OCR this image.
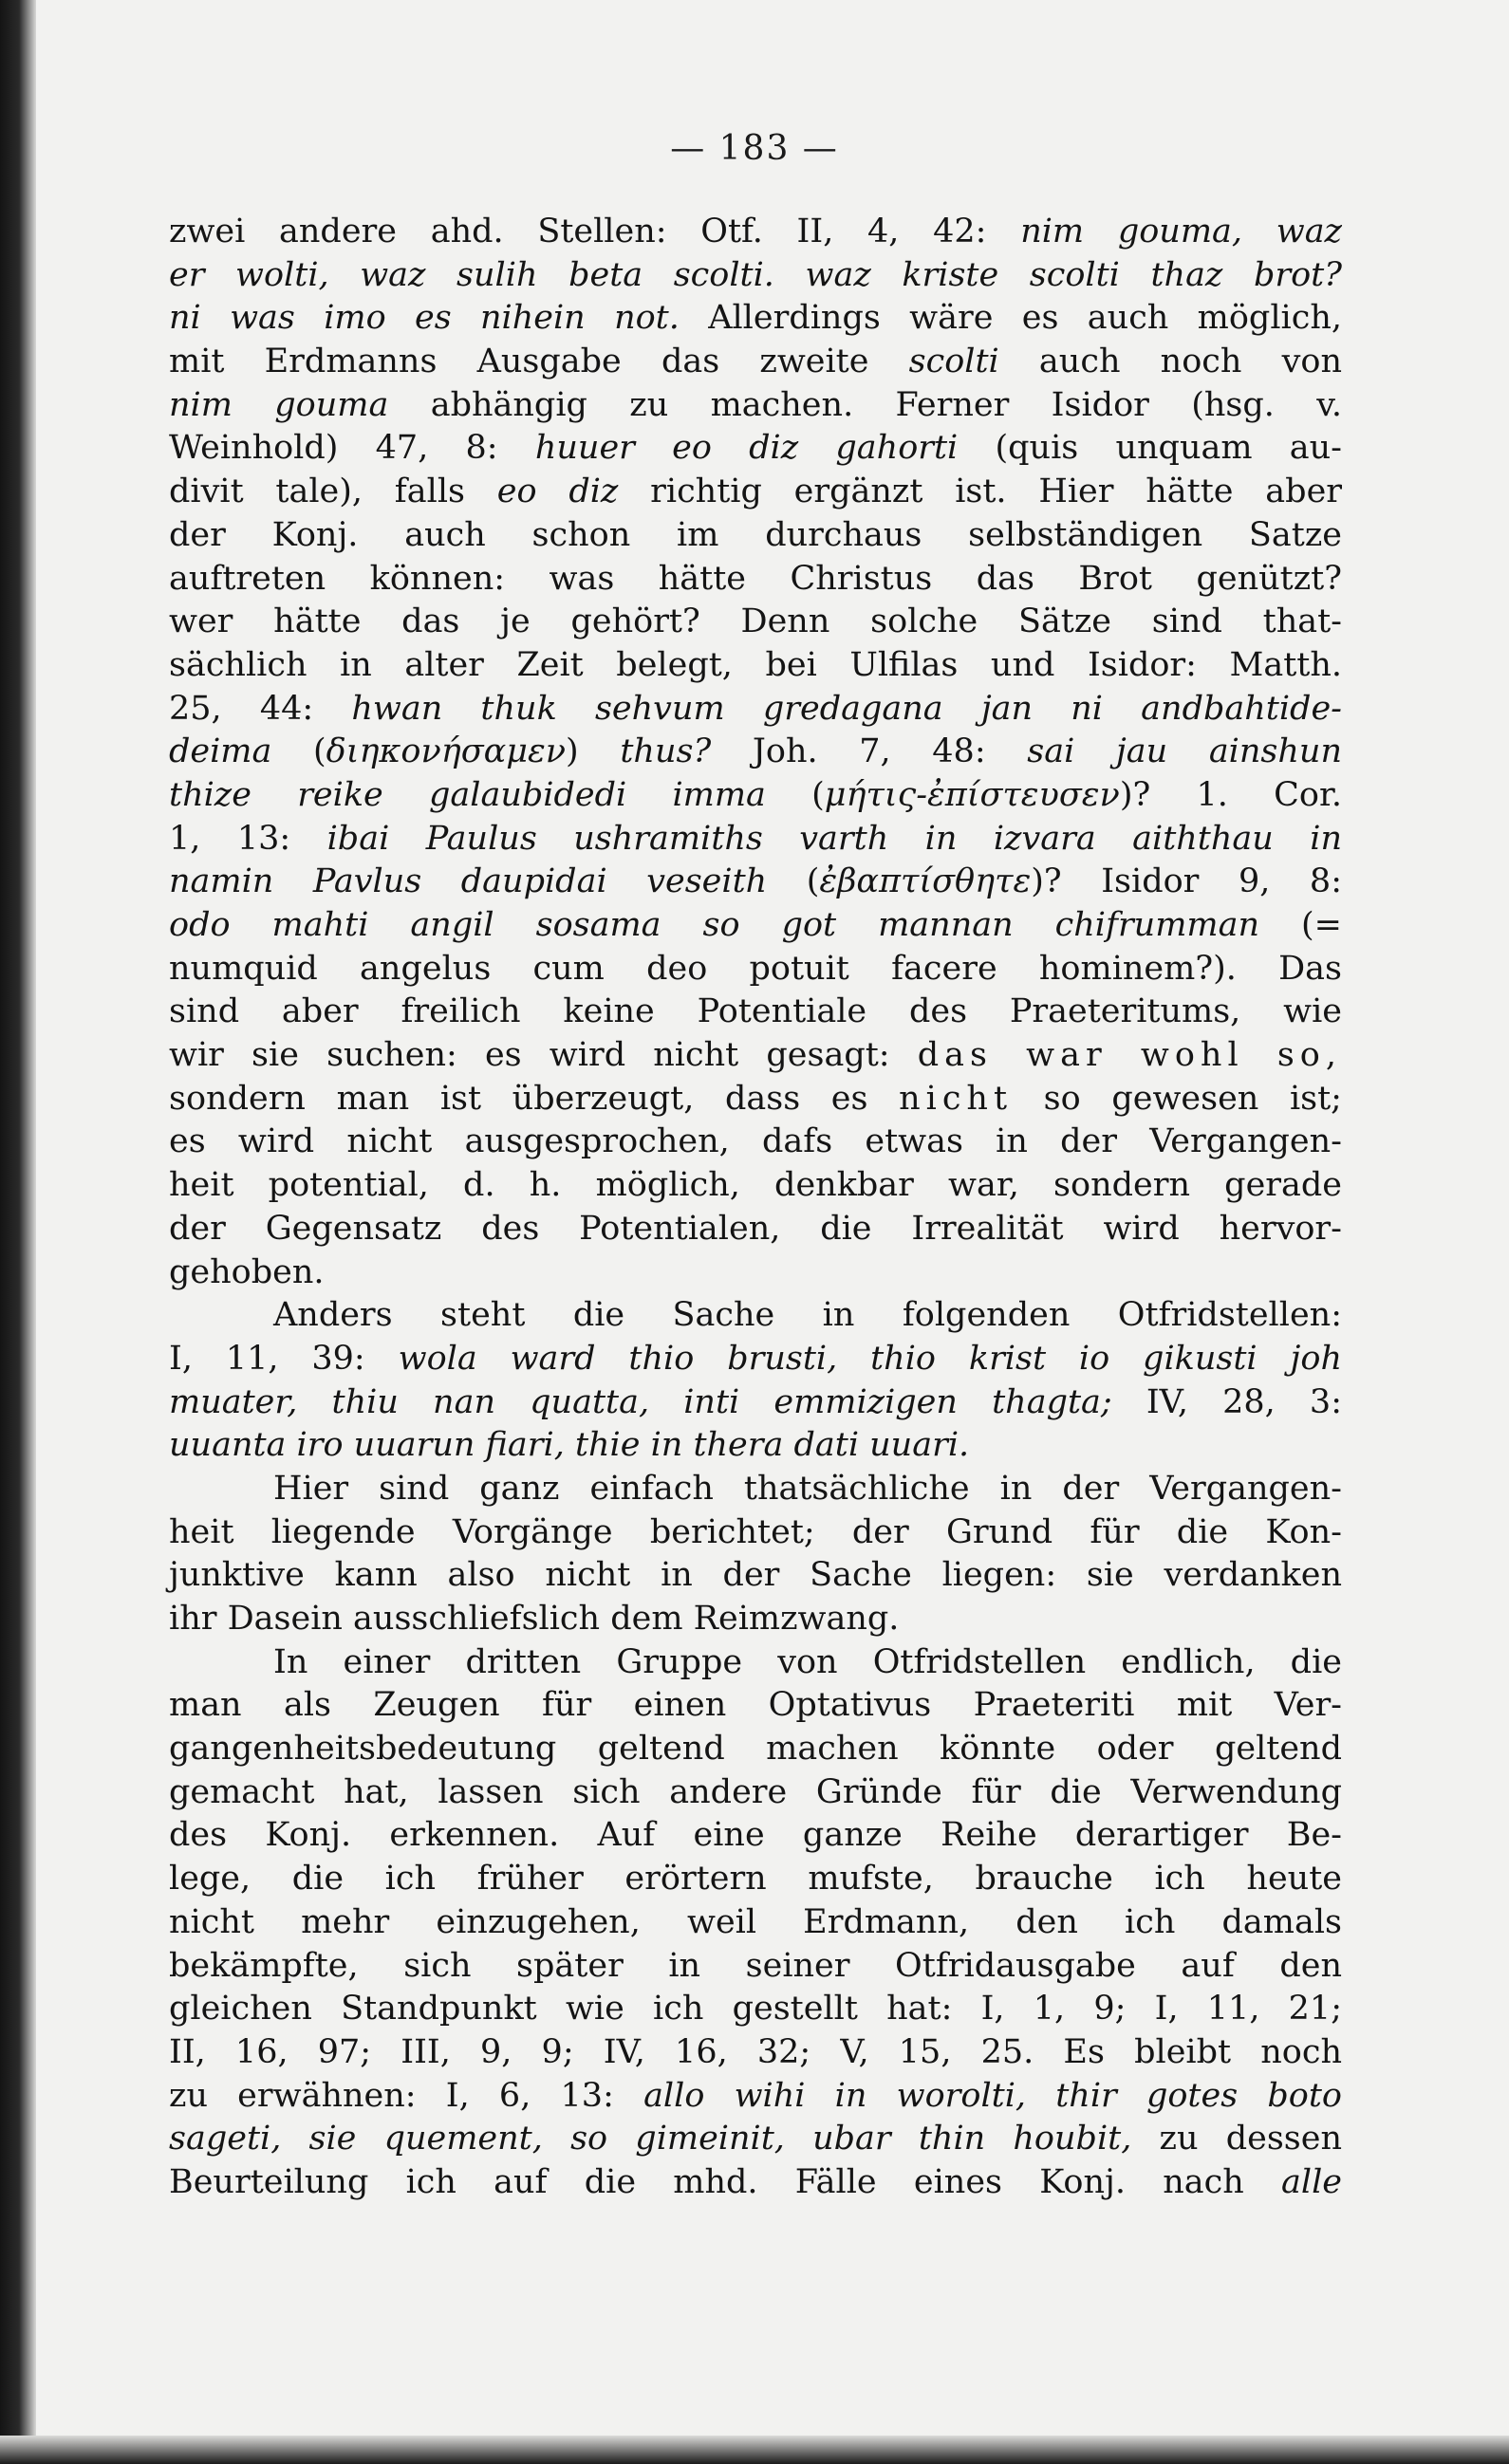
— 183 —
zwei andere ahd. Stellen: Otf. II, 4, 42: nim gouma, waz
er wolti, waz sulih beta scolti. waz kriste scolti thaz brot?
ni was imo es nihein not. Allerdings wäre es auch möglich,
mit Erdmanns Ausgabe das zweite scolti auch noch von
nim gouma abhängig zu machen. Ferner Isidor (hsg. v.
Weinhold) 47, 8: huuer eo diz gahorti (quis unquam au-
divit tale), falls eo diz richtig ergänzt ist. Hier hätte aber
der Konj. auch schon im durchaus selbständigen Satze
auftreten können: was hätte Christus das Brot genützt?
wer hätte das je gehört? Denn solche Sätze sind that-
sächlich in alter Zeit belegt, bei Ulfilas und Isidor: Matth.
25, 44: hwan thuk sehvum gredagana jan ni andbahtide-
deima (διηκονήσαμεν) thus? Joh. 7, 48: sai jau ainshun
thize reike galaubidedi imma (μήτις-ἐπίστευσεν)? 1. Cor.
1, 13: ibai Paulus ushramiths varth in izvara aiththau in
namin Pavlus daupidai veseith (ἐβαπτίσθητε)? Isidor 9, 8:
odo mahti angil sosama so got mannan chifrumman (=
numquid angelus cum deo potuit facere hominem?). Das
sind aber freilich keine Potentiale des Praeteritums, wie
wir sie suchen: es wird nicht gesagt: das war wohl so,
sondern man ist überzeugt, dass es nicht so gewesen ist;
es wird nicht ausgesprochen, dafs etwas in der Vergangen-
heit potential, d. h. möglich, denkbar war, sondern gerade
der Gegensatz des Potentialen, die Irrealität wird hervor-
gehoben.
Anders steht die Sache in folgenden Otfridstellen:
I, 11, 39: wola ward thio brusti, thio krist io gikusti joh
muater, thiu nan quatta, inti emmizigen thagta; IV, 28, 3:
uuanta iro uuarun fiari, thie in thera dati uuari.
Hier sind ganz einfach thatsächliche in der Vergangen-
heit liegende Vorgänge berichtet; der Grund für die Kon-
junktive kann also nicht in der Sache liegen: sie verdanken
ihr Dasein ausschliefslich dem Reimzwang.
In einer dritten Gruppe von Otfridstellen endlich, die
man als Zeugen für einen Optativus Praeteriti mit Ver-
gangenheitsbedeutung geltend machen könnte oder geltend
gemacht hat, lassen sich andere Gründe für die Verwendung
des Konj. erkennen. Auf eine ganze Reihe derartiger Be-
lege, die ich früher erörtern mufste, brauche ich heute
nicht mehr einzugehen, weil Erdmann, den ich damals
bekämpfte, sich später in seiner Otfridausgabe auf den
gleichen Standpunkt wie ich gestellt hat: I, 1, 9; I, 11, 21;
II, 16, 97; III, 9, 9; IV, 16, 32; V, 15, 25. Es bleibt noch
zu erwähnen: I, 6, 13: allo wihi in worolti, thir gotes boto
sageti, sie quement, so gimeinit, ubar thin houbit, zu dessen
Beurteilung ich auf die mhd. Fälle eines Konj. nach alle
